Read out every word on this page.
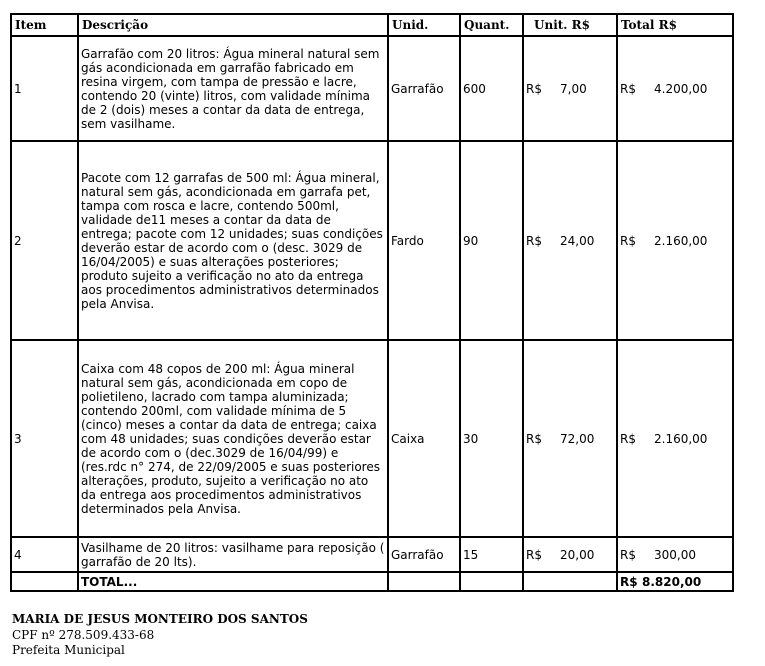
Item	Descrição	Unid.	Quant.	Unit. R$	Total R$
1	Garrafão com 20 litros: Água mineral natural sem gás acondicionada em garrafão fabricado em resina virgem, com tampa de pressão e lacre, contendo 20 (vinte) litros, com validade mínima de 2 (dois) meses a contar da data de entrega, sem vasilhame.	Garrafão	600	R$ 7,00	R$ 4.200,00
2	Pacote com 12 garrafas de 500 ml: Água mineral, natural sem gás, acondicionada em garrafa pet, tampa com rosca e lacre, contendo 500ml, validade de11 meses a contar da data de entrega; pacote com 12 unidades; suas condições deverão estar de acordo com o (desc. 3029 de 16/04/2005) e suas alterações posteriores; produto sujeito a verificação no ato da entrega aos procedimentos administrativos determinados pela Anvisa.	Fardo	90	R$ 24,00	R$ 2.160,00
3	Caixa com 48 copos de 200 ml: Água mineral natural sem gás, acondicionada em copo de polietileno, lacrado com tampa aluminizada; contendo 200ml, com validade mínima de 5 (cinco) meses a contar da data de entrega; caixa com 48 unidades; suas condições deverão estar de acordo com o (dec.3029 de 16/04/99) e (res.rdc n° 274, de 22/09/2005 e suas posteriores alterações, produto, sujeito a verificação no ato da entrega aos procedimentos administrativos determinados pela Anvisa.	Caixa	30	R$ 72,00	R$ 2.160,00
4	Vasilhame de 20 litros: vasilhame para reposição ( garrafão de 20 lts).	Garrafão	15	R$ 20,00	R$ 300,00
	TOTAL...				R$ 8.820,00
MARIA DE JESUS MONTEIRO DOS SANTOS
CPF nº 278.509.433-68
Prefeita Municipal
